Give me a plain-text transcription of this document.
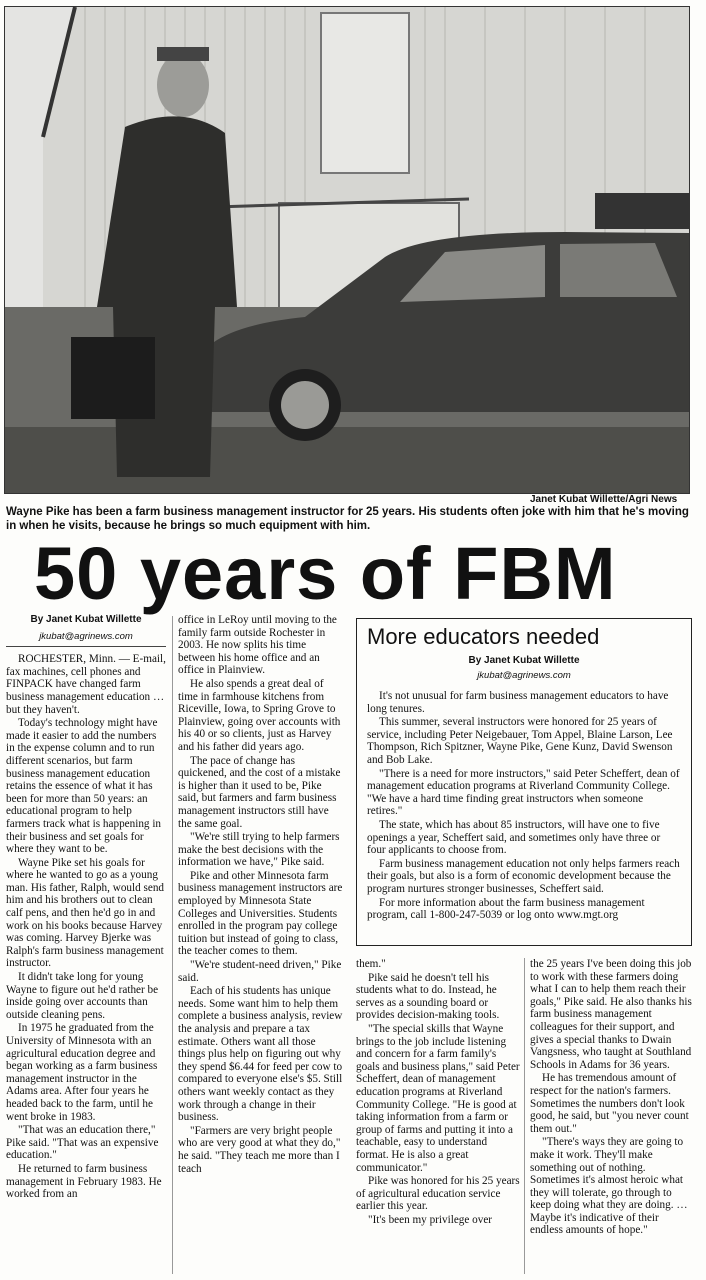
Janet Kubat Willette/Agri News
Wayne Pike has been a farm business management instructor for 25 years. His students often joke with him that he's moving in when he visits, because he brings so much equipment with him.
50 years of FBM
By Janet Kubat Willette
jkubat@agrinews.com

ROCHESTER, Minn. — E-mail, fax machines, cell phones and FINPACK have changed farm business management education … but they haven't.

Today's technology might have made it easier to add the numbers in the expense column and to run different scenarios, but farm business management education retains the essence of what it has been for more than 50 years: an educational program to help farmers track what is happening in their business and set goals for where they want to be.

Wayne Pike set his goals for where he wanted to go as a young man. His father, Ralph, would send him and his brothers out to clean calf pens, and then he'd go in and work on his books because Harvey was coming. Harvey Bjerke was Ralph's farm business management instructor.

It didn't take long for young Wayne to figure out he'd rather be inside going over accounts than outside cleaning pens.

In 1975 he graduated from the University of Minnesota with an agricultural education degree and began working as a farm business management instructor in the Adams area. After four years he headed back to the farm, until he went broke in 1983.

"That was an education there," Pike said. "That was an expensive education."

He returned to farm business management in February 1983. He worked from an

office in LeRoy until moving to the family farm outside Rochester in 2003. He now splits his time between his home office and an office in Plainview.

He also spends a great deal of time in farmhouse kitchens from Riceville, Iowa, to Spring Grove to Plainview, going over accounts with his 40 or so clients, just as Harvey and his father did years ago.

The pace of change has quickened, and the cost of a mistake is higher than it used to be, Pike said, but farmers and farm business management instructors still have the same goal.

"We're still trying to help farmers make the best decisions with the information we have," Pike said.

Pike and other Minnesota farm business management instructors are employed by Minnesota State Colleges and Universities. Students enrolled in the program pay college tuition but instead of going to class, the teacher comes to them.

"We're student-need driven," Pike said.

Each of his students has unique needs. Some want him to help them complete a business analysis, review the analysis and prepare a tax estimate. Others want all those things plus help on figuring out why they spend $6.44 for feed per cow to compared to everyone else's $5. Still others want weekly contact as they work through a change in their business.

"Farmers are very bright people who are very good at what they do," he said. "They teach me more than I teach

More educators needed
By Janet Kubat Willette
jkubat@agrinews.com

It's not unusual for farm business management educators to have long tenures.

This summer, several instructors were honored for 25 years of service, including Peter Neigebauer, Tom Appel, Blaine Larson, Lee Thompson, Rich Spitzner, Wayne Pike, Gene Kunz, David Swenson and Bob Lake.

"There is a need for more instructors," said Peter Scheffert, dean of management education programs at Riverland Community College. "We have a hard time finding great instructors when someone retires."

The state, which has about 85 instructors, will have one to five openings a year, Scheffert said, and sometimes only have three or four applicants to choose from.

Farm business management education not only helps farmers reach their goals, but also is a form of economic development because the program nurtures stronger businesses, Scheffert said.

For more information about the farm business management program, call 1-800-247-5039 or log onto www.mgt.org

them."

Pike said he doesn't tell his students what to do. Instead, he serves as a sounding board or provides decision-making tools.

"The special skills that Wayne brings to the job include listening and concern for a farm family's goals and business plans," said Peter Scheffert, dean of management education programs at Riverland Community College. "He is good at taking information from a farm or group of farms and putting it into a teachable, easy to understand format. He is also a great communicator."

Pike was honored for his 25 years of agricultural education service earlier this year.

"It's been my privilege over

the 25 years I've been doing this job to work with these farmers doing what I can to help them reach their goals," Pike said. He also thanks his farm business management colleagues for their support, and gives a special thanks to Dwain Vangsness, who taught at Southland Schools in Adams for 36 years.

He has tremendous amount of respect for the nation's farmers. Sometimes the numbers don't look good, he said, but "you never count them out."

"There's ways they are going to make it work. They'll make something out of nothing. Sometimes it's almost heroic what they will tolerate, go through to keep doing what they are doing. … Maybe it's indicative of their endless amounts of hope."
